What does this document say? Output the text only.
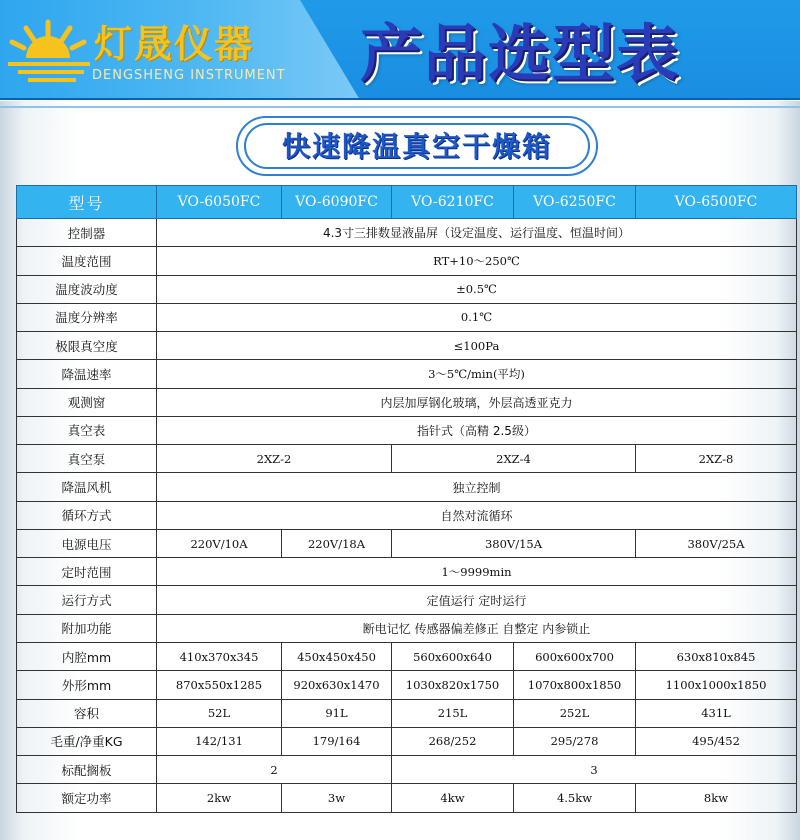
灯晟仪器
DENGSHENG INSTRUMENT 产品选型表
快速降温真空干燥箱
型号	VO-6050FC	VO-6090FC	VO-6210FC	VO-6250FC	VO-6500FC
控制器	4.3寸三排数显液晶屏（设定温度、运行温度、恒温时间）				
温度范围	RT+10～250℃				
温度波动度	±0.5℃				
温度分辨率	0.1℃				
极限真空度	≤100Pa				
降温速率	3～5℃/min(平均)				
观测窗	内层加厚钢化玻璃，外层高透亚克力				
真空表	指针式（高精 2.5级）				
真空泵	2XZ-2		2XZ-4		2XZ-8
降温风机	独立控制				
循环方式	自然对流循环				
电源电压	220V/10A	220V/18A	380V/15A		380V/25A
定时范围	1～9999min				
运行方式	定值运行 定时运行				
附加功能	断电记忆 传感器偏差修正 自整定 内参锁止				
内腔mm	410x370x345	450x450x450	560x600x640	600x600x700	630x810x845
外形mm	870x550x1285	920x630x1470	1030x820x1750	1070x800x1850	1100x1000x1850
容积	52L	91L	215L	252L	431L
毛重/净重KG	142/131	179/164	268/252	295/278	495/452
标配搁板	2		3		
额定功率	2kw	3w	4kw	4.5kw	8kw
